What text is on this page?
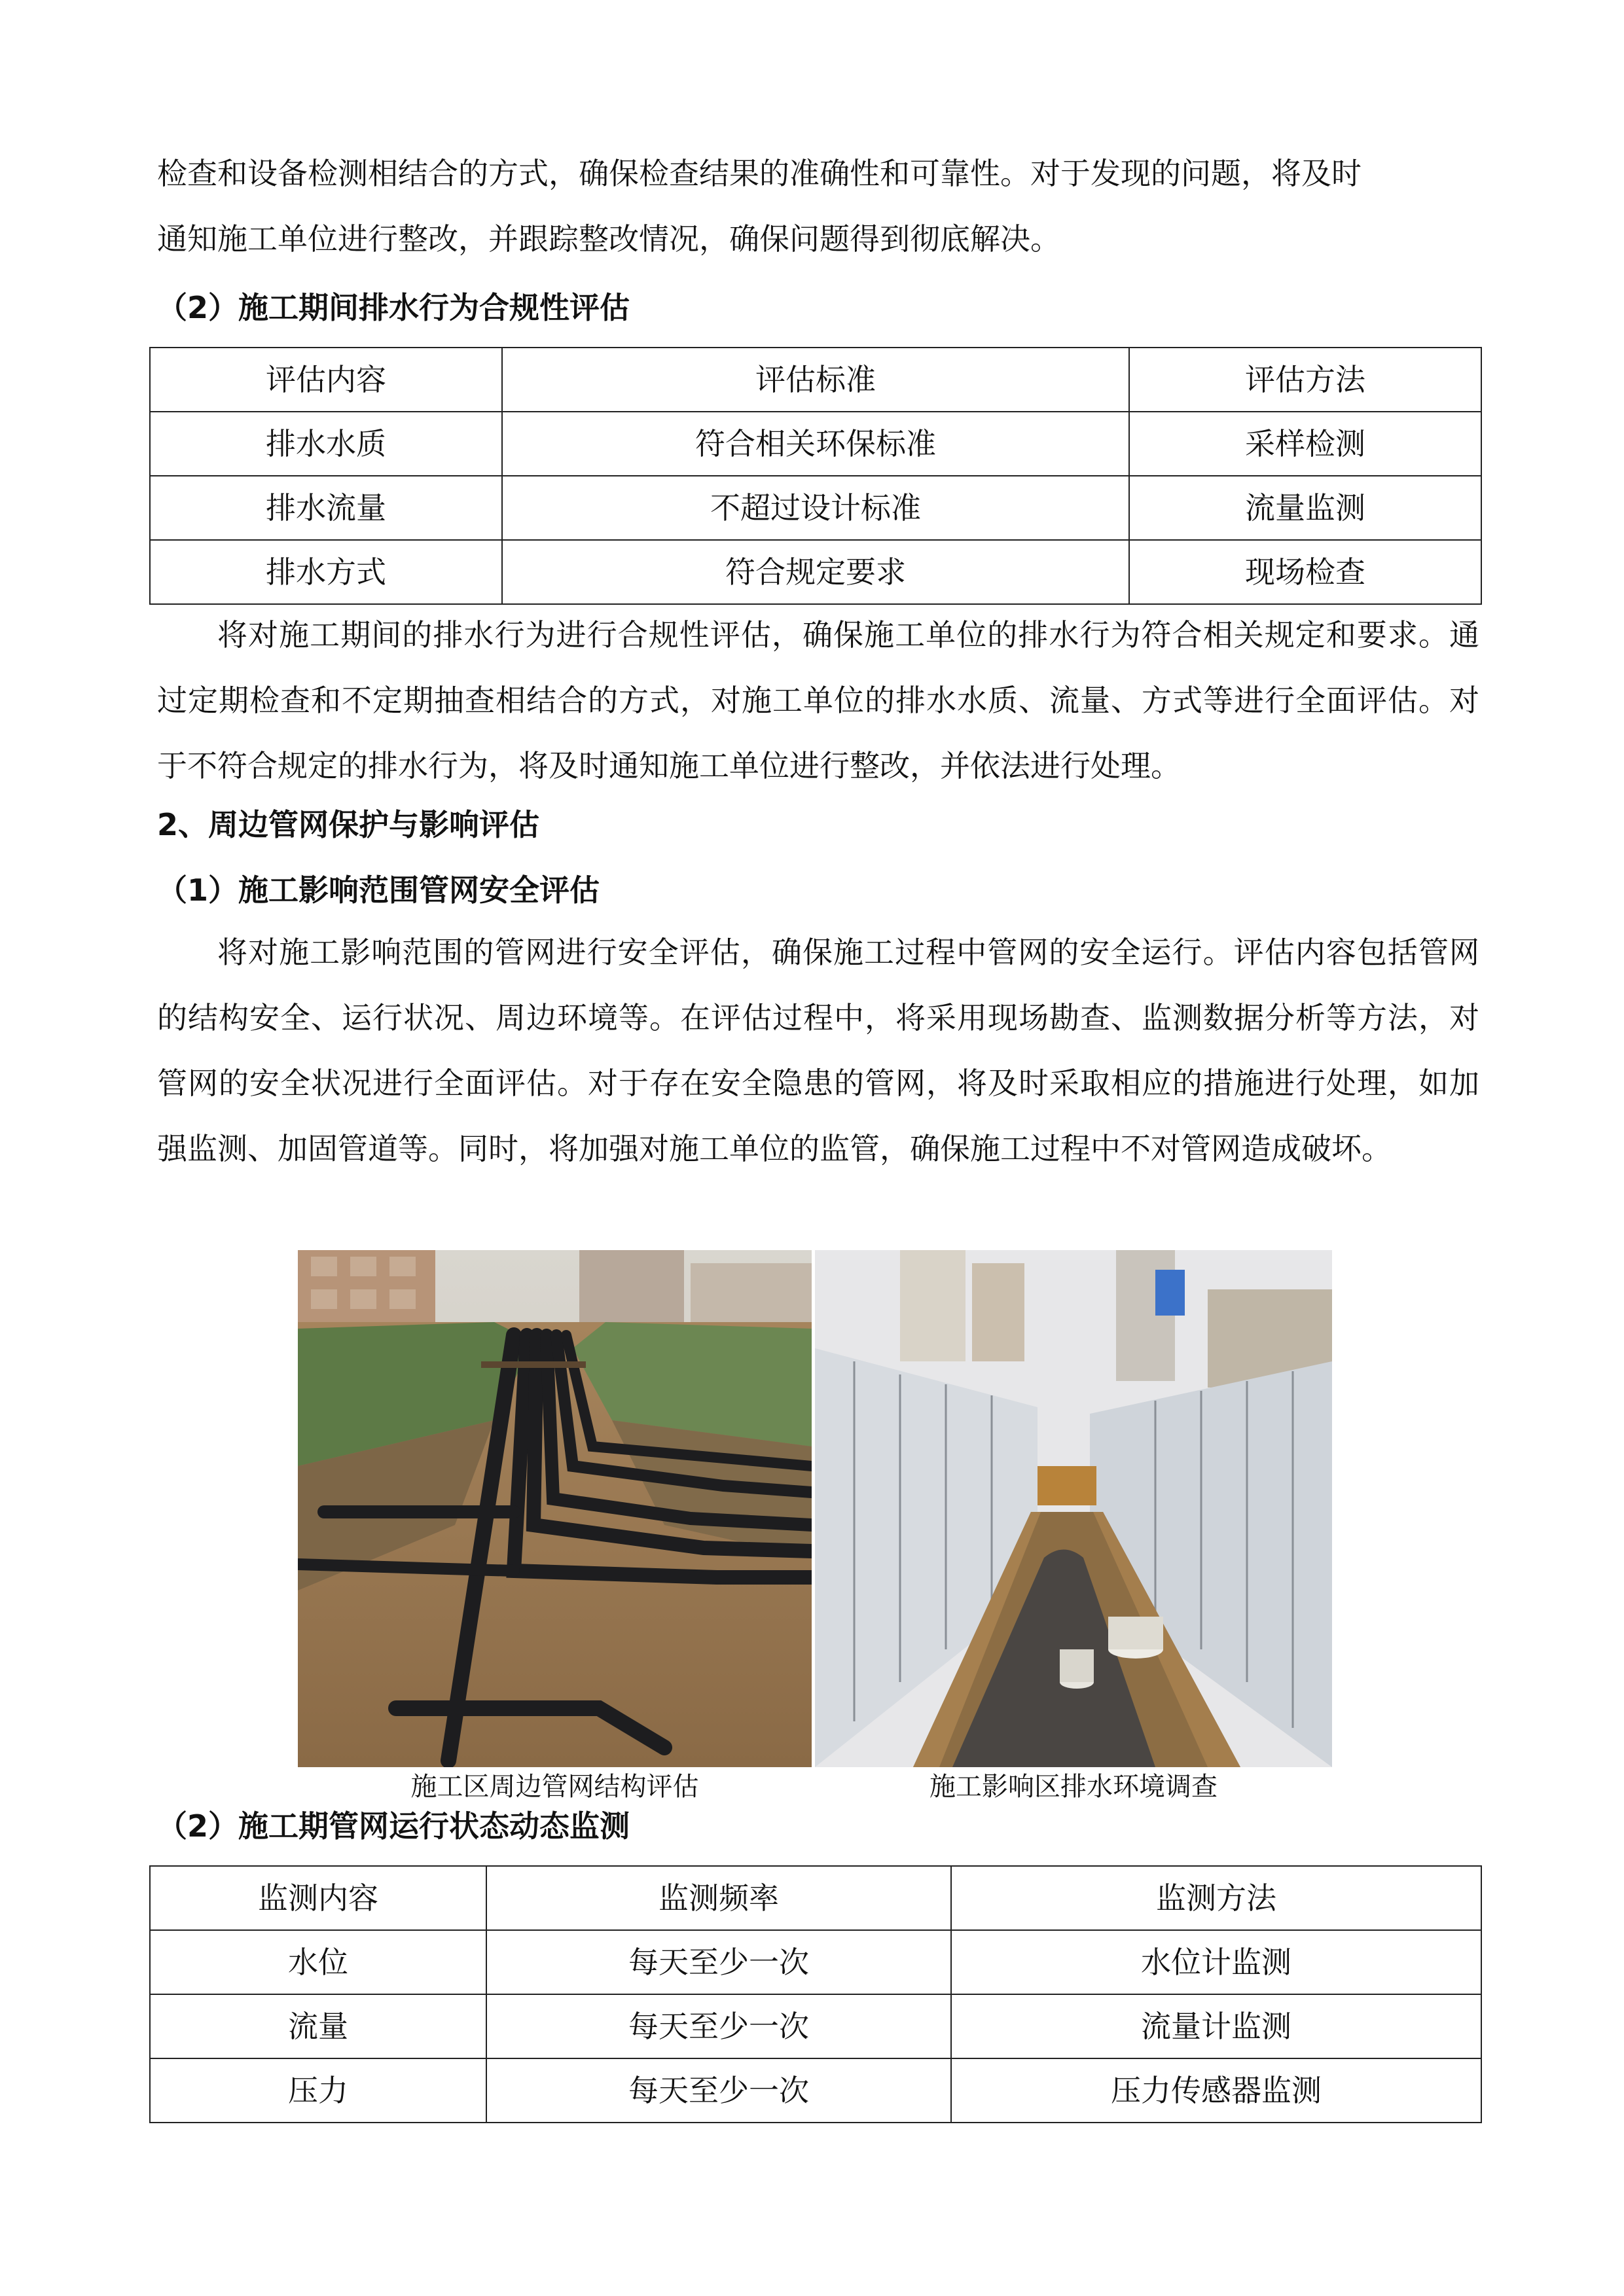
检查和设备检测相结合的方式，确保检查结果的准确性和可靠性。对于发现的问题，将及时

通知施工单位进行整改，并跟踪整改情况，确保问题得到彻底解决。

（2）施工期间排水行为合规性评估
评估内容	评估标准	评估方法
排水水质	符合相关环保标准	采样检测
排水流量	不超过设计标准	流量监测
排水方式	符合规定要求	现场检查

将对施工期间的排水行为进行合规性评估，确保施工单位的排水行为符合相关规定和要求。通过定期检查和不定期抽查相结合的方式，对施工单位的排水水质、流量、方式等进行全面评估。对于不符合规定的排水行为，将及时通知施工单位进行整改，并依法进行处理。

2、周边管网保护与影响评估
（1）施工影响范围管网安全评估

将对施工影响范围的管网进行安全评估，确保施工过程中管网的安全运行。评估内容包括管网的结构安全、运行状况、周边环境等。在评估过程中，将采用现场勘查、监测数据分析等方法，对管网的安全状况进行全面评估。对于存在安全隐患的管网，将及时采取相应的措施进行处理，如加强监测、加固管道等。同时，将加强对施工单位的监管，确保施工过程中不对管网造成破坏。

施工区周边管网结构评估	施工影响区排水环境调查
（2）施工期管网运行状态动态监测
监测内容	监测频率	监测方法
水位	每天至少一次	水位计监测
流量	每天至少一次	流量计监测
压力	每天至少一次	压力传感器监测
